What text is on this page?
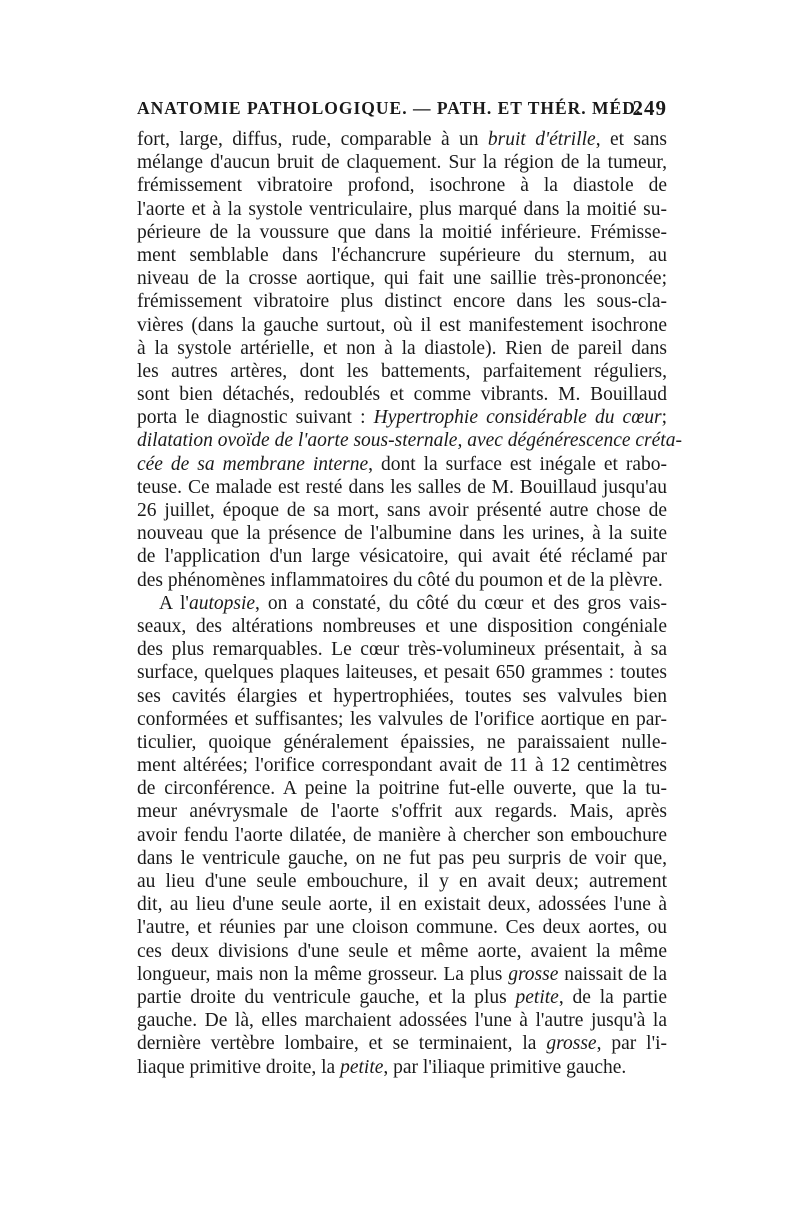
ANATOMIE PATHOLOGIQUE. — PATH. ET THÉR. MÉD.
249
fort, large, diffus, rude, comparable à un bruit d'étrille, et sans
mélange d'aucun bruit de claquement. Sur la région de la tumeur,
frémissement vibratoire profond, isochrone à la diastole de
l'aorte et à la systole ventriculaire, plus marqué dans la moitié su-
périeure de la voussure que dans la moitié inférieure. Frémisse-
ment semblable dans l'échancrure supérieure du sternum, au
niveau de la crosse aortique, qui fait une saillie très-prononcée;
frémissement vibratoire plus distinct encore dans les sous-cla-
vières (dans la gauche surtout, où il est manifestement isochrone
à la systole artérielle, et non à la diastole). Rien de pareil dans
les autres artères, dont les battements, parfaitement réguliers,
sont bien détachés, redoublés et comme vibrants. M. Bouillaud
porta le diagnostic suivant : Hypertrophie considérable du cœur;
dilatation ovoïde de l'aorte sous-sternale, avec dégénérescence créta-
cée de sa membrane interne, dont la surface est inégale et rabo-
teuse. Ce malade est resté dans les salles de M. Bouillaud jusqu'au
26 juillet, époque de sa mort, sans avoir présenté autre chose de
nouveau que la présence de l'albumine dans les urines, à la suite
de l'application d'un large vésicatoire, qui avait été réclamé par
des phénomènes inflammatoires du côté du poumon et de la plèvre.
A l'autopsie, on a constaté, du côté du cœur et des gros vais-
seaux, des altérations nombreuses et une disposition congéniale
des plus remarquables. Le cœur très-volumineux présentait, à sa
surface, quelques plaques laiteuses, et pesait 650 grammes : toutes
ses cavités élargies et hypertrophiées, toutes ses valvules bien
conformées et suffisantes; les valvules de l'orifice aortique en par-
ticulier, quoique généralement épaissies, ne paraissaient nulle-
ment altérées; l'orifice correspondant avait de 11 à 12 centimètres
de circonférence. A peine la poitrine fut-elle ouverte, que la tu-
meur anévrysmale de l'aorte s'offrit aux regards. Mais, après
avoir fendu l'aorte dilatée, de manière à chercher son embouchure
dans le ventricule gauche, on ne fut pas peu surpris de voir que,
au lieu d'une seule embouchure, il y en avait deux; autrement
dit, au lieu d'une seule aorte, il en existait deux, adossées l'une à
l'autre, et réunies par une cloison commune. Ces deux aortes, ou
ces deux divisions d'une seule et même aorte, avaient la même
longueur, mais non la même grosseur. La plus grosse naissait de la
partie droite du ventricule gauche, et la plus petite, de la partie
gauche. De là, elles marchaient adossées l'une à l'autre jusqu'à la
dernière vertèbre lombaire, et se terminaient, la grosse, par l'i-
liaque primitive droite, la petite, par l'iliaque primitive gauche.
